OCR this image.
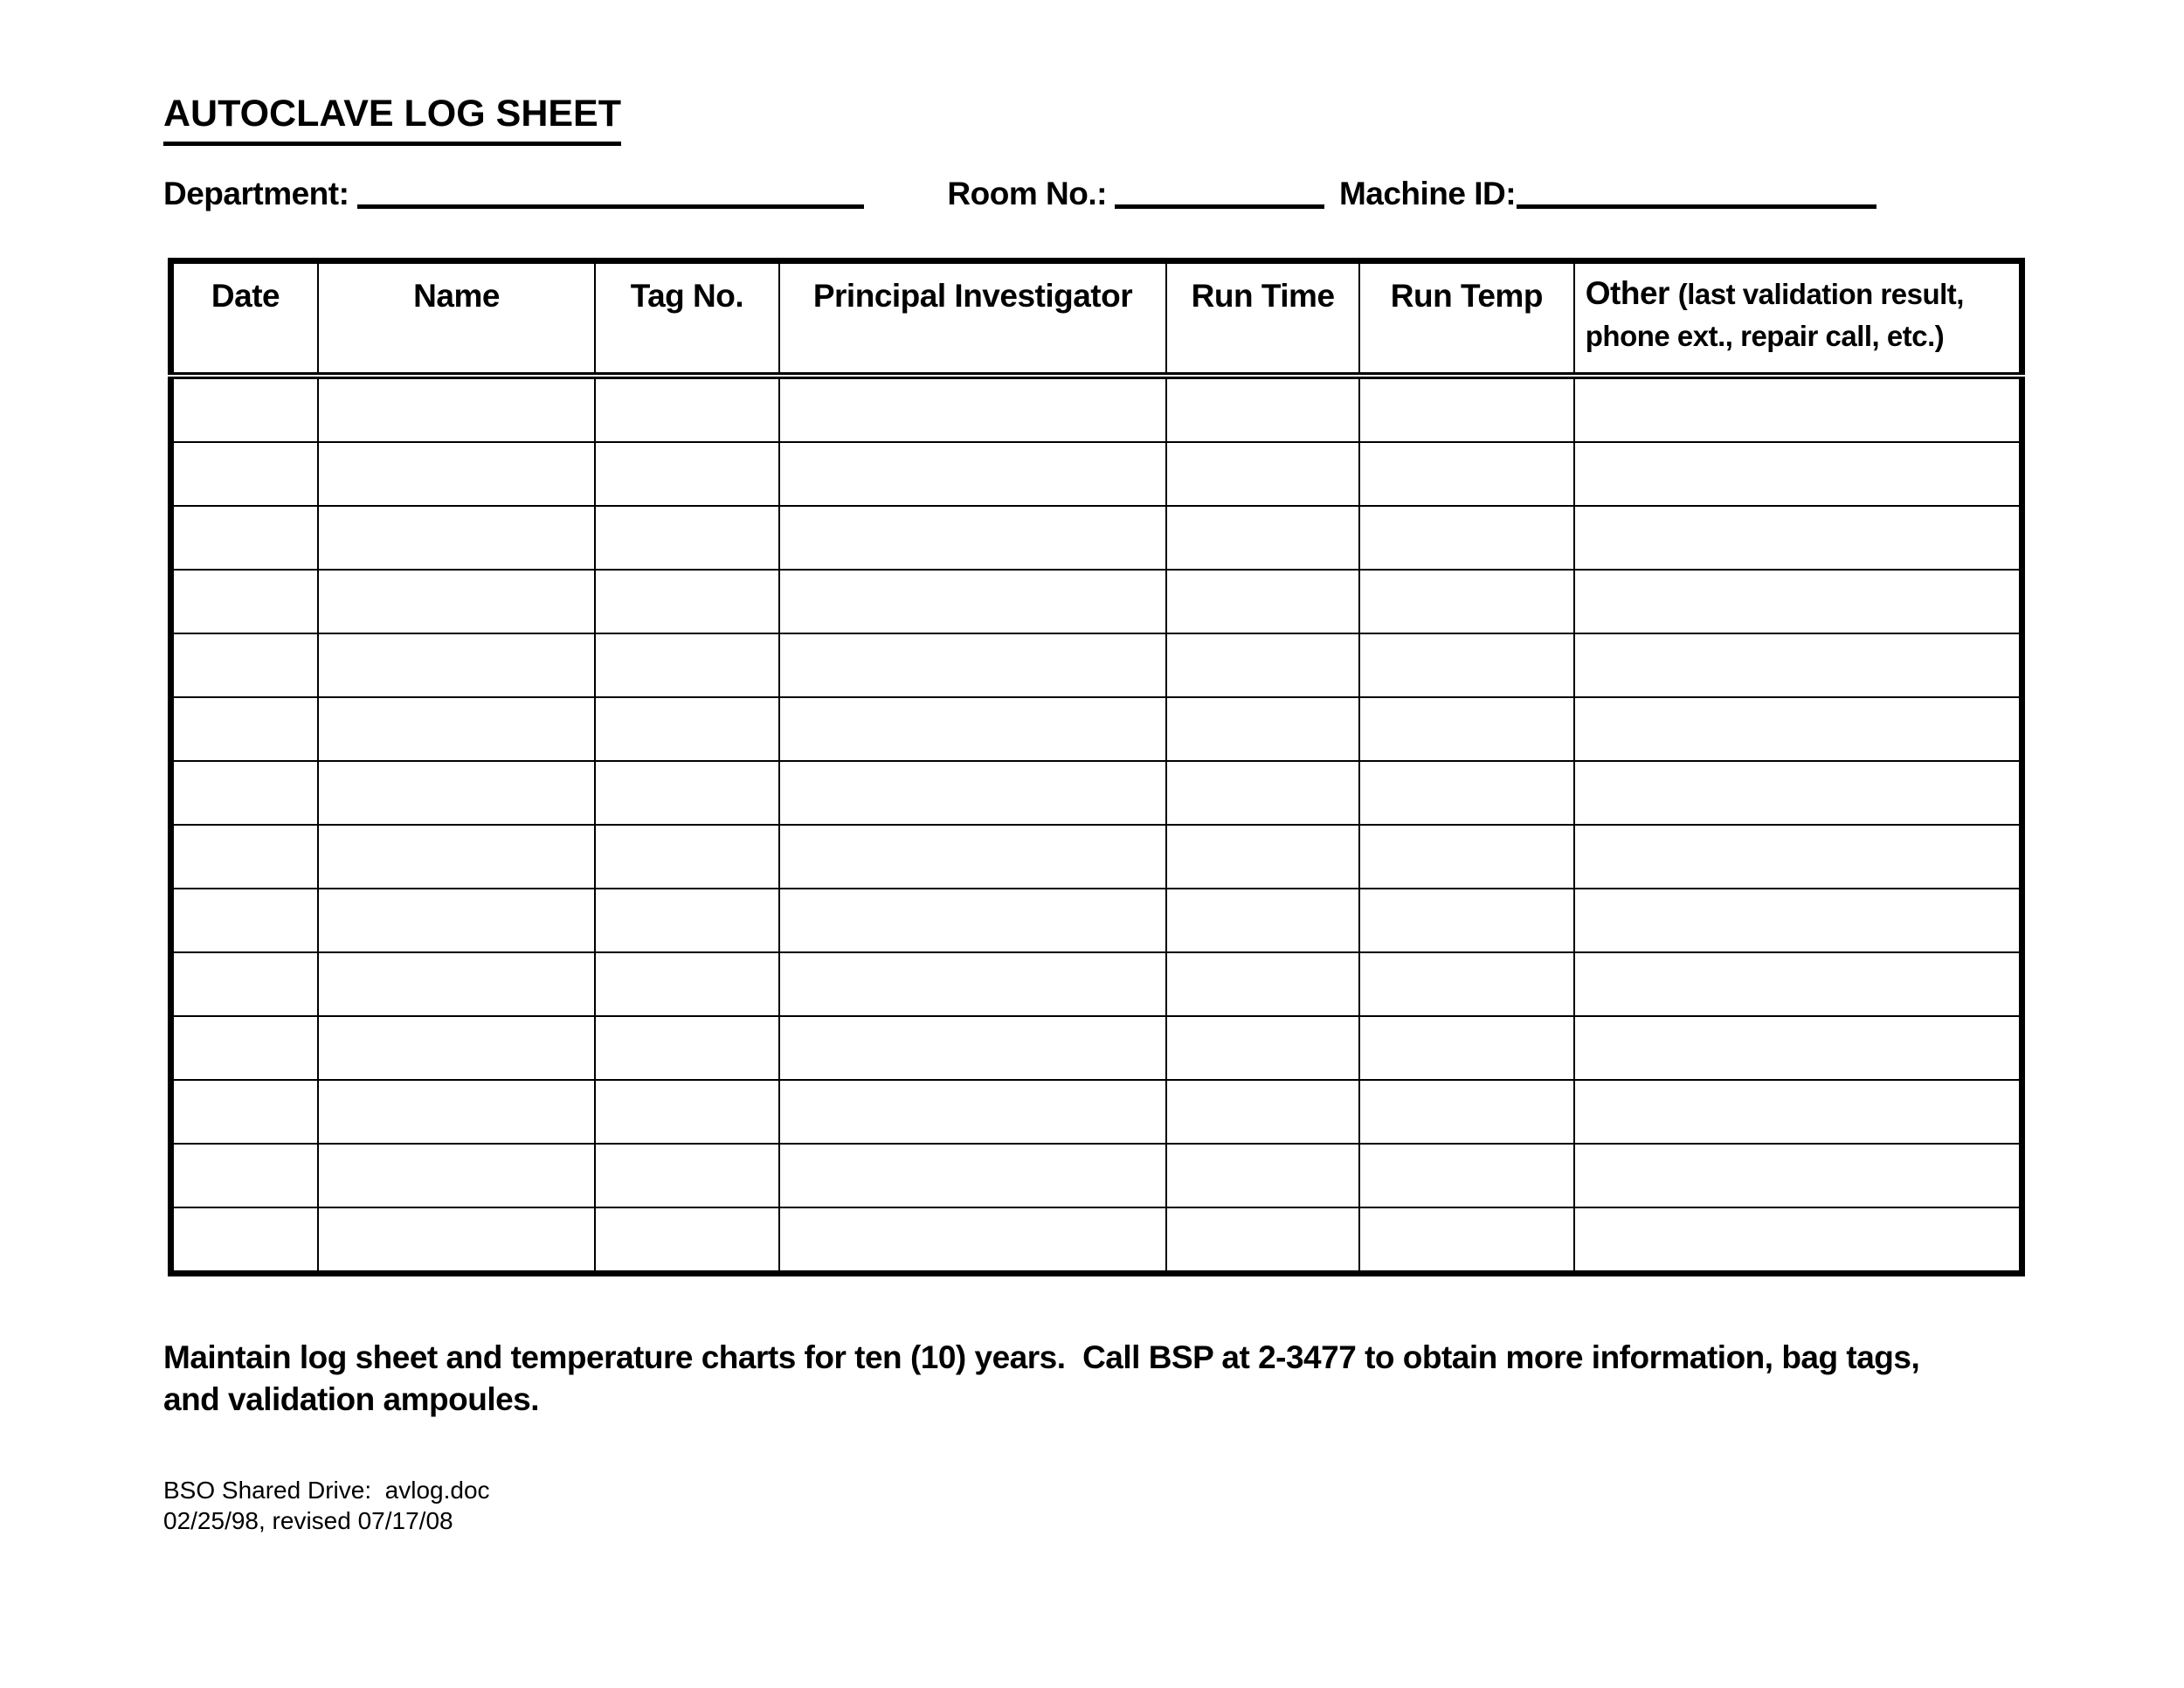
AUTOCLAVE LOG SHEET
Department:	Room No.:	Machine ID:
Date	Name	Tag No.	Principal Investigator	Run Time	Run Temp	Other (last validation result, phone ext., repair call, etc.)

Maintain log sheet and temperature charts for ten (10) years.  Call BSP at 2-3477 to obtain more information, bag tags,
and validation ampoules.

BSO Shared Drive:  avlog.doc
02/25/98, revised 07/17/08
